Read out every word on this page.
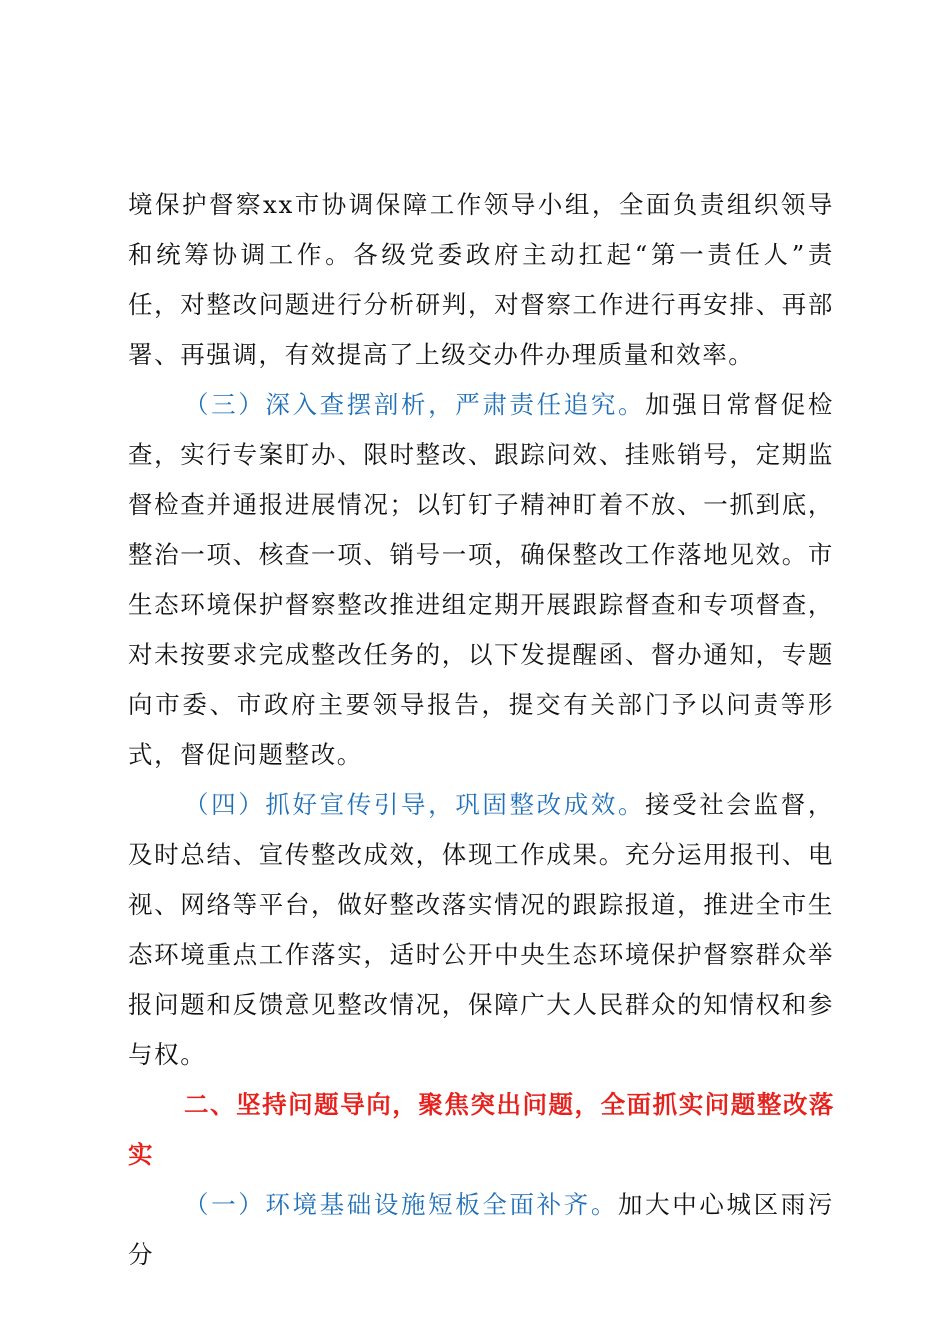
境保护督察xx市协调保障工作领导小组，全面负责组织领导和统筹协调工作。各级党委政府主动扛起“第一责任人”责任，对整改问题进行分析研判，对督察工作进行再安排、再部署、再强调，有效提高了上级交办件办理质量和效率。

（三）深入查摆剖析，严肃责任追究。加强日常督促检查，实行专案盯办、限时整改、跟踪问效、挂账销号，定期监督检查并通报进展情况；以钉钉子精神盯着不放、一抓到底，整治一项、核查一项、销号一项，确保整改工作落地见效。市生态环境保护督察整改推进组定期开展跟踪督查和专项督查，对未按要求完成整改任务的，以下发提醒函、督办通知，专题向市委、市政府主要领导报告，提交有关部门予以问责等形式，督促问题整改。

（四）抓好宣传引导，巩固整改成效。接受社会监督，及时总结、宣传整改成效，体现工作成果。充分运用报刊、电视、网络等平台，做好整改落实情况的跟踪报道，推进全市生态环境重点工作落实，适时公开中央生态环境保护督察群众举报问题和反馈意见整改情况，保障广大人民群众的知情权和参与权。

二、坚持问题导向，聚焦突出问题，全面抓实问题整改落实

（一）环境基础设施短板全面补齐。加大中心城区雨污分
